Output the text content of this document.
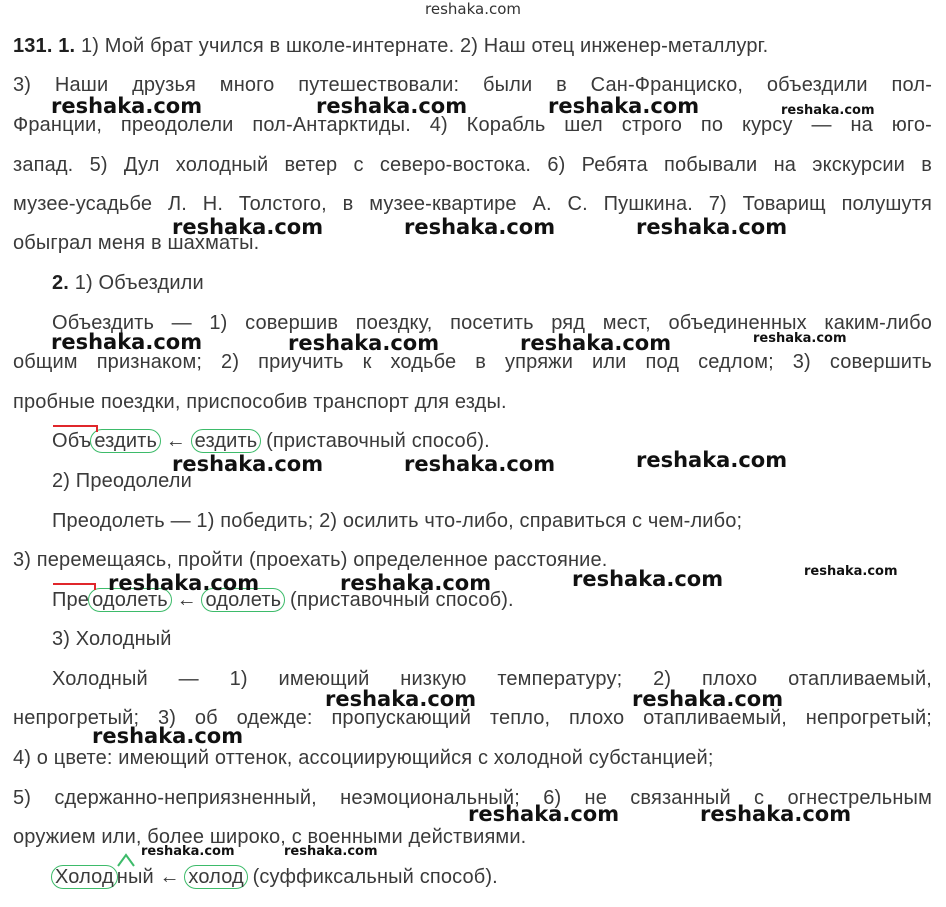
reshaka.com
131. 1. 1) Мой брат учился в школе-интернате. 2) Наш отец инженер-металлург.
3) Наши друзья много путешествовали: были в Сан-Франциско, объездили пол-
Франции, преодолели пол-Антарктиды. 4) Корабль шел строго по курсу — на юго-
запад. 5) Дул холодный ветер с северо-востока. 6) Ребята побывали на экскурсии в
музее-усадьбе Л. Н. Толстого, в музее-квартире А. С. Пушкина. 7) Товарищ полушутя
обыграл меня в шахматы.
2. 1) Объездили
Объездить — 1) совершив поездку, посетить ряд мест, объединенных каким-либо
общим признаком; 2) приучить к ходьбе в упряжи или под седлом; 3) совершить
пробные поездки, приспособив транспорт для езды.
Объ ездить ← ездить (приставочный способ).
2) Преодолели
Преодолеть — 1) победить; 2) осилить что-либо, справиться с чем-либо;
3) перемещаясь, пройти (проехать) определенное расстояние.
Пре одолеть ← одолеть (приставочный способ).
3) Холодный
Холодный — 1) имеющий низкую температуру; 2) плохо отапливаемый,
непрогретый; 3) об одежде: пропускающий тепло, плохо отапливаемый, непрогретый;
4) о цвете: имеющий оттенок, ассоциирующийся с холодной субстанцией;
5) сдержанно-неприязненный, неэмоциональный; 6) не связанный с огнестрельным
оружием или, более широко, с военными действиями.
Холод ный ← холод (суффиксальный способ).
reshaka.com	reshaka.com	reshaka.com	reshaka.com
reshaka.com	reshaka.com	reshaka.com
reshaka.com	reshaka.com	reshaka.com	reshaka.com
reshaka.com	reshaka.com	reshaka.com
reshaka.com	reshaka.com	reshaka.com	reshaka.com
reshaka.com	reshaka.com
reshaka.com
reshaka.com	reshaka.com
reshaka.com	reshaka.com
